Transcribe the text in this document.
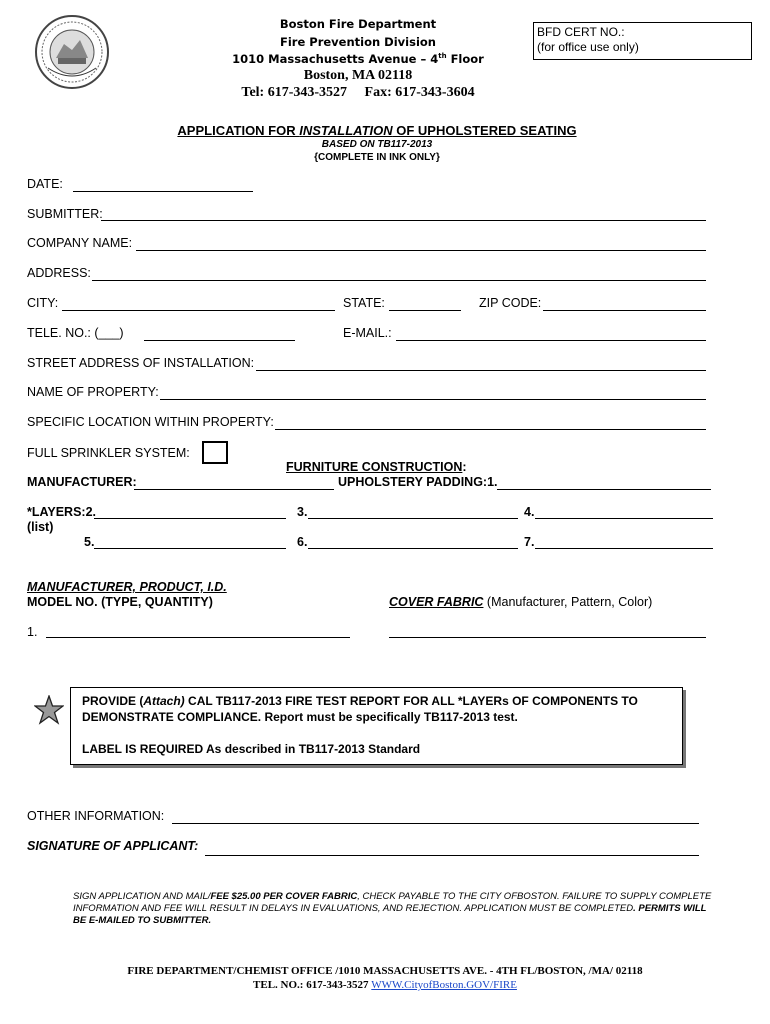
Boston Fire Department
Fire Prevention Division
1010 Massachusetts Avenue – 4th Floor
Boston, MA 02118
Tel: 617-343-3527 Fax: 617-343-3604
BFD CERT NO.:
(for office use only)
APPLICATION FOR INSTALLATION OF UPHOLSTERED SEATING
BASED ON TB117-2013
{COMPLETE IN INK ONLY}
DATE:
SUBMITTER:
COMPANY NAME:
ADDRESS:
CITY:	STATE:	ZIP CODE:
TELE. NO.: (___)	E-MAIL.:
STREET ADDRESS OF INSTALLATION:
NAME OF PROPERTY:
SPECIFIC LOCATION WITHIN PROPERTY:
FULL SPRINKLER SYSTEM:
FURNITURE CONSTRUCTION:
MANUFACTURER:	UPHOLSTERY PADDING:1.
*LAYERS:2.	3.	4.
(list)
5.	6.	7.
MANUFACTURER, PRODUCT, I.D.
MODEL NO. (TYPE, QUANTITY)	COVER FABRIC (Manufacturer, Pattern, Color)
1.
PROVIDE (Attach) CAL TB117-2013 FIRE TEST REPORT FOR ALL *LAYERs OF COMPONENTS TO
DEMONSTRATE COMPLIANCE. Report must be specifically TB117-2013 test.
LABEL IS REQUIRED As described in TB117-2013 Standard
OTHER INFORMATION:
SIGNATURE OF APPLICANT:
SIGN APPLICATION AND MAIL/FEE $25.00 PER COVER FABRIC, CHECK PAYABLE TO THE CITY OFBOSTON. FAILURE TO SUPPLY COMPLETE INFORMATION AND FEE WILL RESULT IN DELAYS IN EVALUATIONS, AND REJECTION. APPLICATION MUST BE COMPLETED. PERMITS WILL BE E-MAILED TO SUBMITTER.
FIRE DEPARTMENT/CHEMIST OFFICE /1010 MASSACHUSETTS AVE. - 4TH FL/BOSTON, /MA/ 02118
TEL. NO.: 617-343-3527 WWW.CityofBoston.GOV/FIRE
